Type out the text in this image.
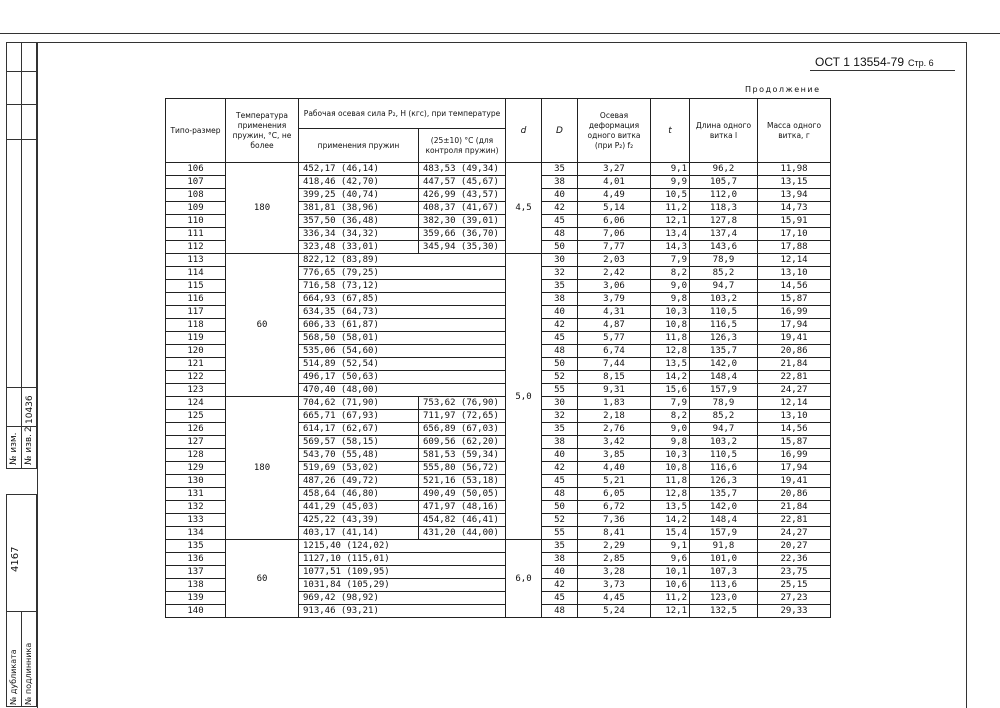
2
10436
№ изм. № изв.
4167
№ дубликата № подлинника
ОСТ 1 13554-79 Стр. 6
Продолжение
Типо-размер	Температура применения пружин, °С, не более	Рабочая осевая сила P₂, Н (кгс), при температуре		d	D	Осевая деформация одного витка (при P₂) f₂	t	Длина одного витка l	Масса одного витка, г
		применения пружин	(25±10) °С (для контроля пружин)						
106	180	452,17 (46,14)	483,53 (49,34)	4,5	35	3,27	9,1	96,2	11,98
107		418,46 (42,70)	447,57 (45,67)		38	4,01	9,9	105,7	13,15
108		399,25 (40,74)	426,99 (43,57)		40	4,49	10,5	112,0	13,94
109		381,81 (38,96)	408,37 (41,67)		42	5,14	11,2	118,3	14,73
110		357,50 (36,48)	382,30 (39,01)		45	6,06	12,1	127,8	15,91
111		336,34 (34,32)	359,66 (36,70)		48	7,06	13,4	137,4	17,10
112		323,48 (33,01)	345,94 (35,30)		50	7,77	14,3	143,6	17,88
113	60	822,12 (83,89)		5,0	30	2,03	7,9	78,9	12,14
114		776,65 (79,25)			32	2,42	8,2	85,2	13,10
115		716,58 (73,12)			35	3,06	9,0	94,7	14,56
116		664,93 (67,85)			38	3,79	9,8	103,2	15,87
117		634,35 (64,73)			40	4,31	10,3	110,5	16,99
118		606,33 (61,87)			42	4,87	10,8	116,5	17,94
119		568,50 (58,01)			45	5,77	11,8	126,3	19,41
120		535,06 (54,60)			48	6,74	12,8	135,7	20,86
121		514,89 (52,54)			50	7,44	13,5	142,0	21,84
122		496,17 (50,63)			52	8,15	14,2	148,4	22,81
123		470,40 (48,00)			55	9,31	15,6	157,9	24,27
124	180	704,62 (71,90)	753,62 (76,90)		30	1,83	7,9	78,9	12,14
125		665,71 (67,93)	711,97 (72,65)		32	2,18	8,2	85,2	13,10
126		614,17 (62,67)	656,89 (67,03)		35	2,76	9,0	94,7	14,56
127		569,57 (58,15)	609,56 (62,20)		38	3,42	9,8	103,2	15,87
128		543,70 (55,48)	581,53 (59,34)		40	3,85	10,3	110,5	16,99
129		519,69 (53,02)	555,80 (56,72)		42	4,40	10,8	116,6	17,94
130		487,26 (49,72)	521,16 (53,18)		45	5,21	11,8	126,3	19,41
131		458,64 (46,80)	490,49 (50,05)		48	6,05	12,8	135,7	20,86
132		441,29 (45,03)	471,97 (48,16)		50	6,72	13,5	142,0	21,84
133		425,22 (43,39)	454,82 (46,41)		52	7,36	14,2	148,4	22,81
134		403,17 (41,14)	431,20 (44,00)		55	8,41	15,4	157,9	24,27
135	60	1215,40 (124,02)		6,0	35	2,29	9,1	91,8	20,27
136		1127,10 (115,01)			38	2,85	9,6	101,0	22,36
137		1077,51 (109,95)			40	3,28	10,1	107,3	23,75
138		1031,84 (105,29)			42	3,73	10,6	113,6	25,15
139		969,42 (98,92)			45	4,45	11,2	123,0	27,23
140		913,46 (93,21)			48	5,24	12,1	132,5	29,33
